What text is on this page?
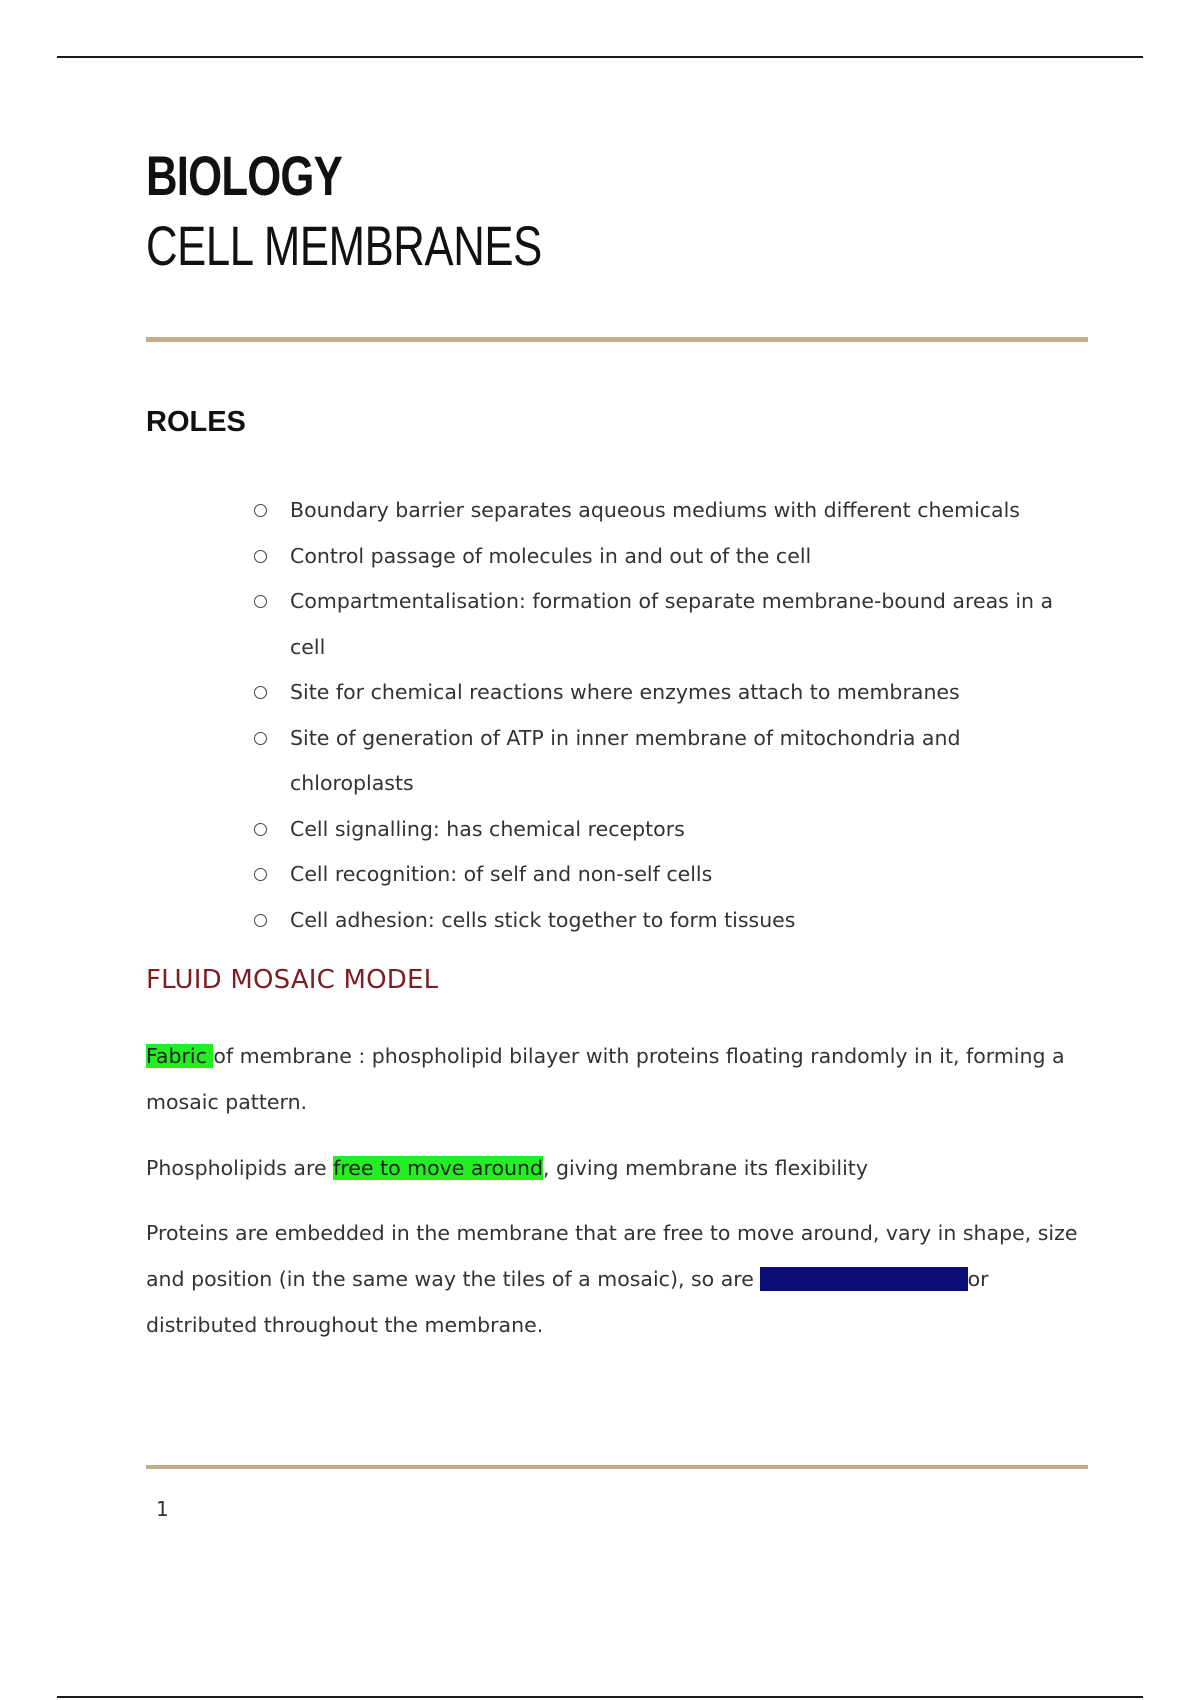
BIOLOGY
CELL MEMBRANES
ROLES
Boundary barrier separates aqueous mediums with different chemicals
Control passage of molecules in and out of the cell
Compartmentalisation: formation of separate membrane-bound areas in a cell
Site for chemical reactions where enzymes attach to membranes
Site of generation of ATP in inner membrane of mitochondria and chloroplasts
Cell signalling: has chemical receptors
Cell recognition: of self and non-self cells
Cell adhesion: cells stick together to form tissues
FLUID MOSAIC MODEL

Fabric of membrane : phospholipid bilayer with proteins floating randomly in it, forming a mosaic pattern.

Phospholipids are free to move around, giving membrane its flexibility

Proteins are embedded in the membrane that are free to move around, vary in shape, size and position (in the same way the tiles of a mosaic), so are randomly scattered or distributed throughout the membrane.

1
